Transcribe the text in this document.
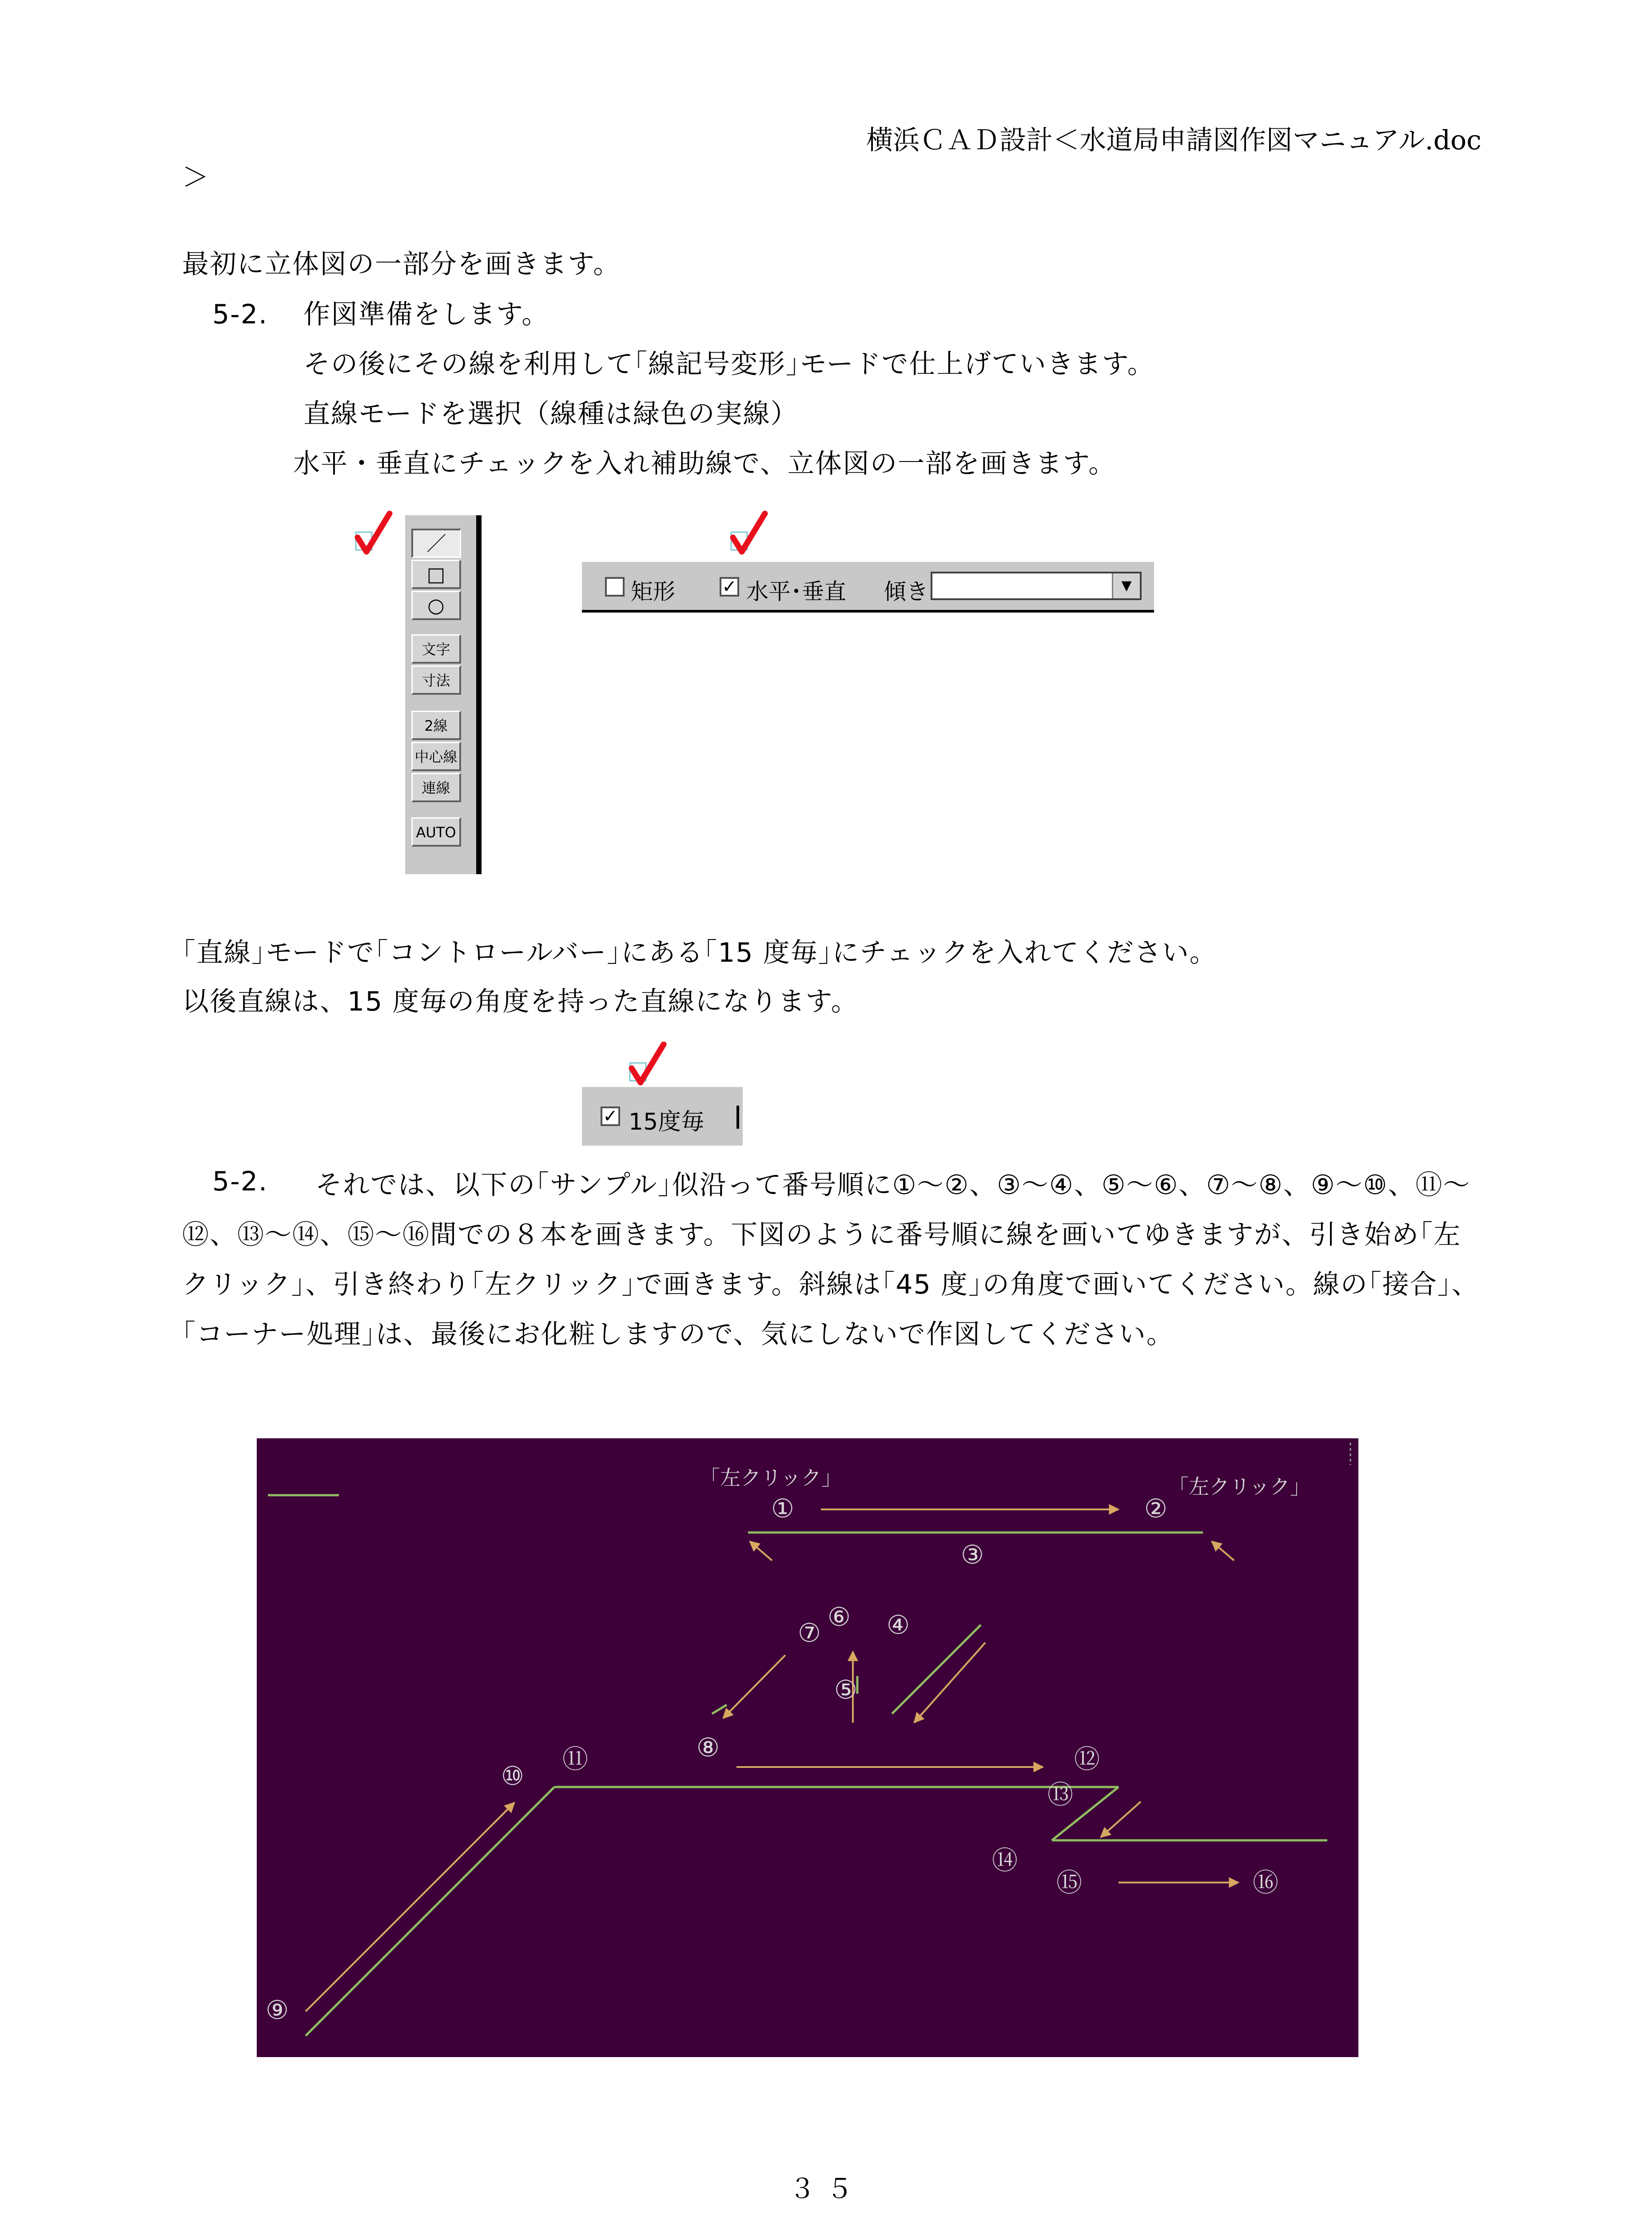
横浜ＣＡＤ設計＜水道局申請図作図マニュアル.doc
＞
最初に立体図の一部分を画きます。
5-2. 作図準備をします。
その後にその線を利用して｢線記号変形｣モードで仕上げていきます。
直線モードを選択（線種は緑色の実線）
水平・垂直にチェックを入れ補助線で、立体図の一部を画きます。
／
□
○
文字
寸法
2線
中心線
連線
AUTO
矩形	✓ 水平･垂直 傾き	▼
｢直線｣モードで｢コントロールバー｣にある｢15 度毎｣にチェックを入れてください。
以後直線は、15 度毎の角度を持った直線になります。
✓ 15度毎
5-2.	それでは、以下の｢サンプル｣似沿って番号順に①～②、③～④、⑤～⑥、⑦～⑧、⑨～⑩、⑪～⑫、⑬～⑭、⑮～⑯間での８本を画きます。下図のように番号順に線を画いてゆきますが、引き始め｢左クリック｣、引き終わり｢左クリック｣で画きます。斜線は｢45 度｣の角度で画いてください。線の｢接合｣、｢コーナー処理｣は、最後にお化粧しますので、気にしないで作図してください。
｢左クリック｣	｢左クリック｣
①	②
③
④
⑤
⑥
⑦
⑧
⑨
⑩
⑪	⑫
⑬
⑭
⑮	⑯
３５
